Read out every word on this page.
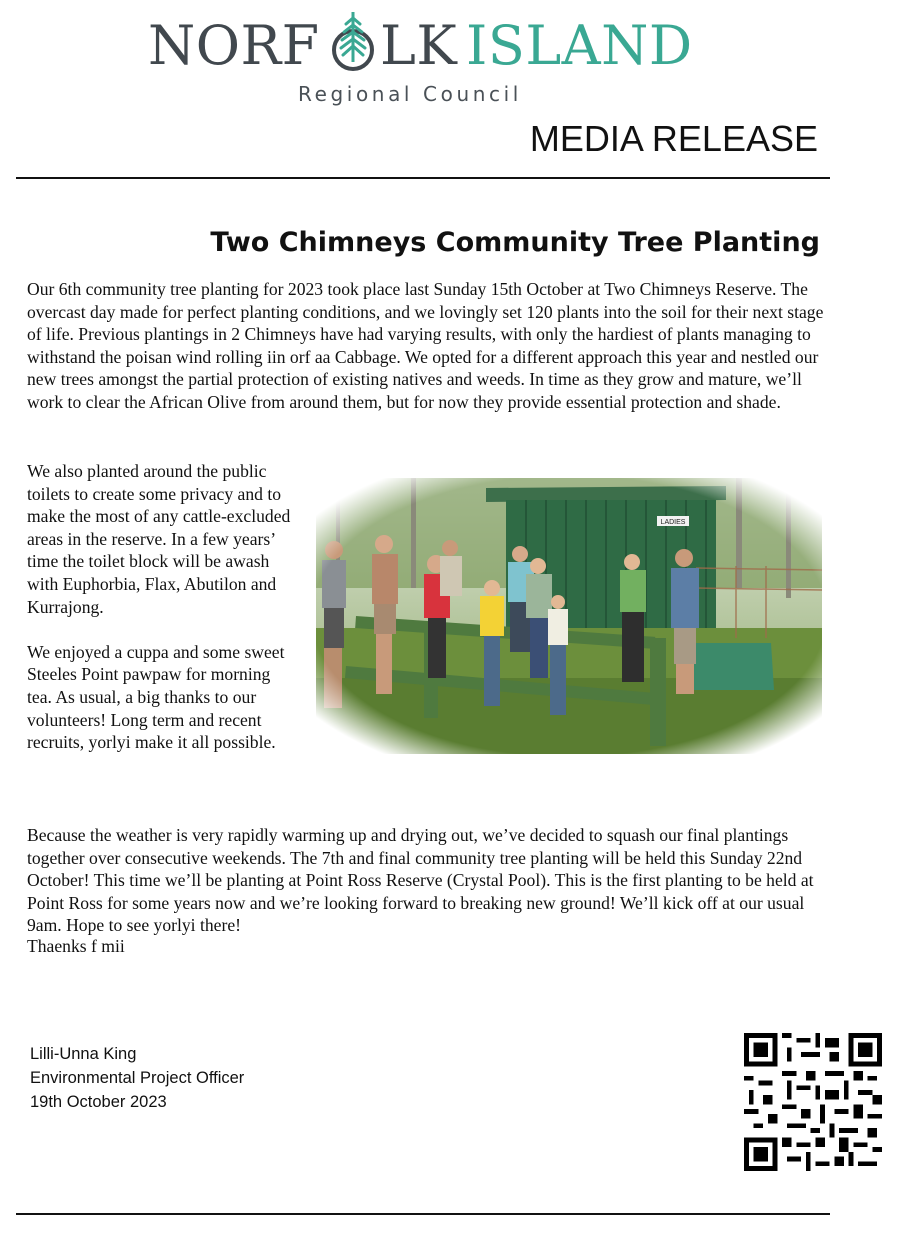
NORF LK ISLAND
Regional Council
MEDIA RELEASE
Two Chimneys Community Tree Planting

Our 6th community tree planting for 2023 took place last Sunday 15th October at Two Chimneys Reserve. The overcast day made for perfect planting conditions, and we lovingly set 120 plants into the soil for their next stage of life. Previous plantings in 2 Chimneys have had varying results, with only the hardiest of plants managing to withstand the poisan wind rolling iin orf aa Cabbage. We opted for a different approach this year and nestled our new trees amongst the partial protection of existing natives and weeds. In time as they grow and mature, we’ll work to clear the African Olive from around them, but for now they provide essential protection and shade.

We also planted around the public toilets to create some privacy and to make the most of any cattle-excluded areas in the reserve. In a few years’ time the toilet block will be awash with Euphorbia, Flax, Abutilon and Kurrajong.

We enjoyed a cuppa and some sweet Steeles Point pawpaw for morning tea. As usual, a big thanks to our volunteers! Long term and recent recruits, yorlyi make it all possible.

Because the weather is very rapidly warming up and drying out, we’ve decided to squash our final plantings together over consecutive weekends. The 7th and final community tree planting will be held this Sunday 22nd October! This time we’ll be planting at Point Ross Reserve (Crystal Pool). This is the first planting to be held at Point Ross for some years now and we’re looking forward to breaking new ground! We’ll kick off at our usual 9am. Hope to see yorlyi there!

Thaenks f mii
Lilli-Unna King
Environmental Project Officer
19th October 2023
